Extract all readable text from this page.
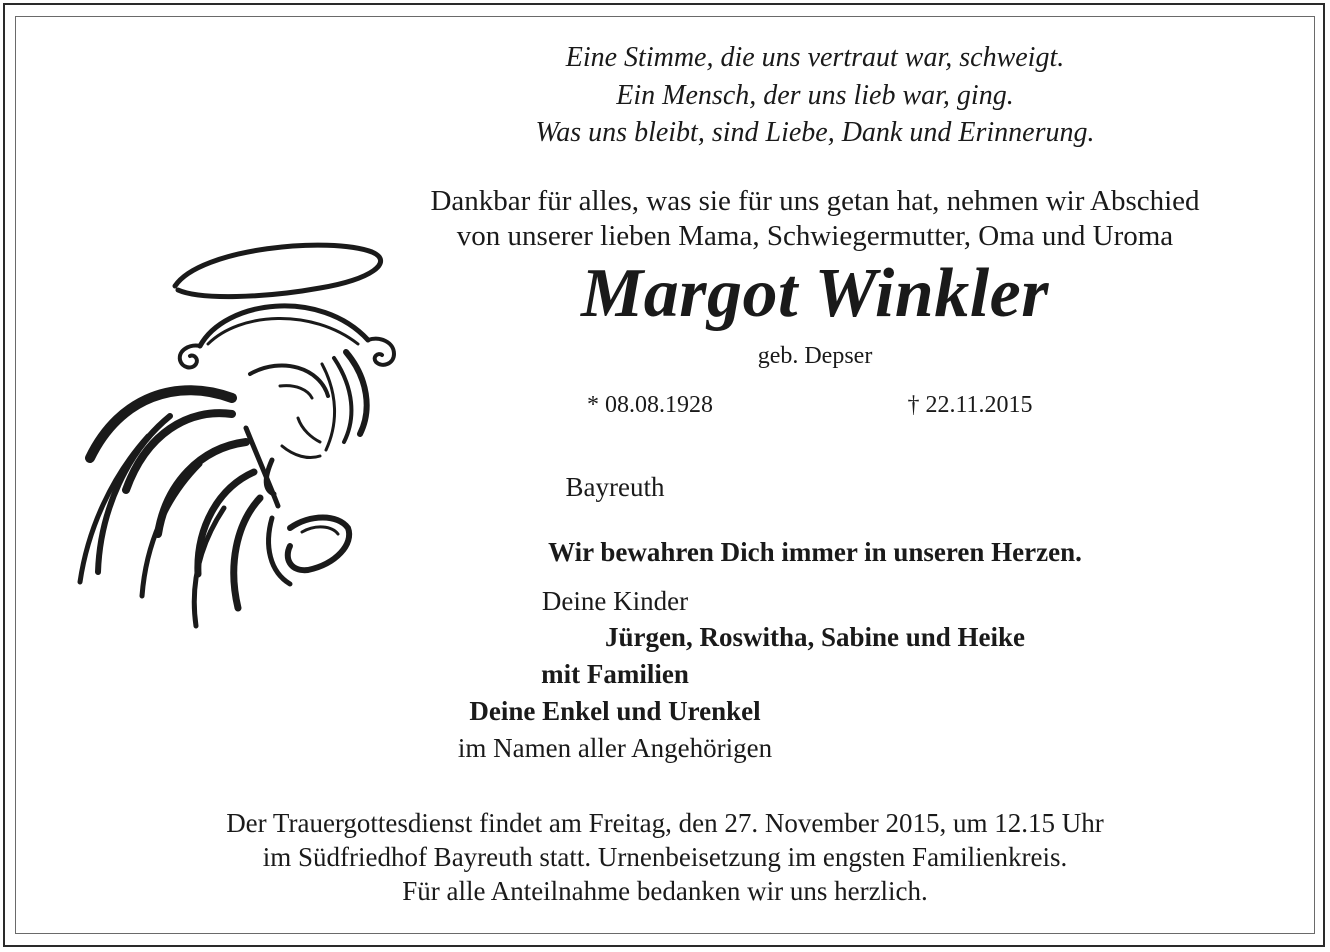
Eine Stimme, die uns vertraut war, schweigt.
Ein Mensch, der uns lieb war, ging.
Was uns bleibt, sind Liebe, Dank und Erinnerung.
Dankbar für alles, was sie für uns getan hat, nehmen wir Abschied
von unserer lieben Mama, Schwiegermutter, Oma und Uroma
Margot Winkler
geb. Depser
* 08.08.1928	† 22.11.2015
Bayreuth
Wir bewahren Dich immer in unseren Herzen.
Deine Kinder
Jürgen, Roswitha, Sabine und Heike
mit Familien
Deine Enkel und Urenkel
im Namen aller Angehörigen
Der Trauergottesdienst findet am Freitag, den 27. November 2015, um 12.15 Uhr
im Südfriedhof Bayreuth statt. Urnenbeisetzung im engsten Familienkreis.
Für alle Anteilnahme bedanken wir uns herzlich.
